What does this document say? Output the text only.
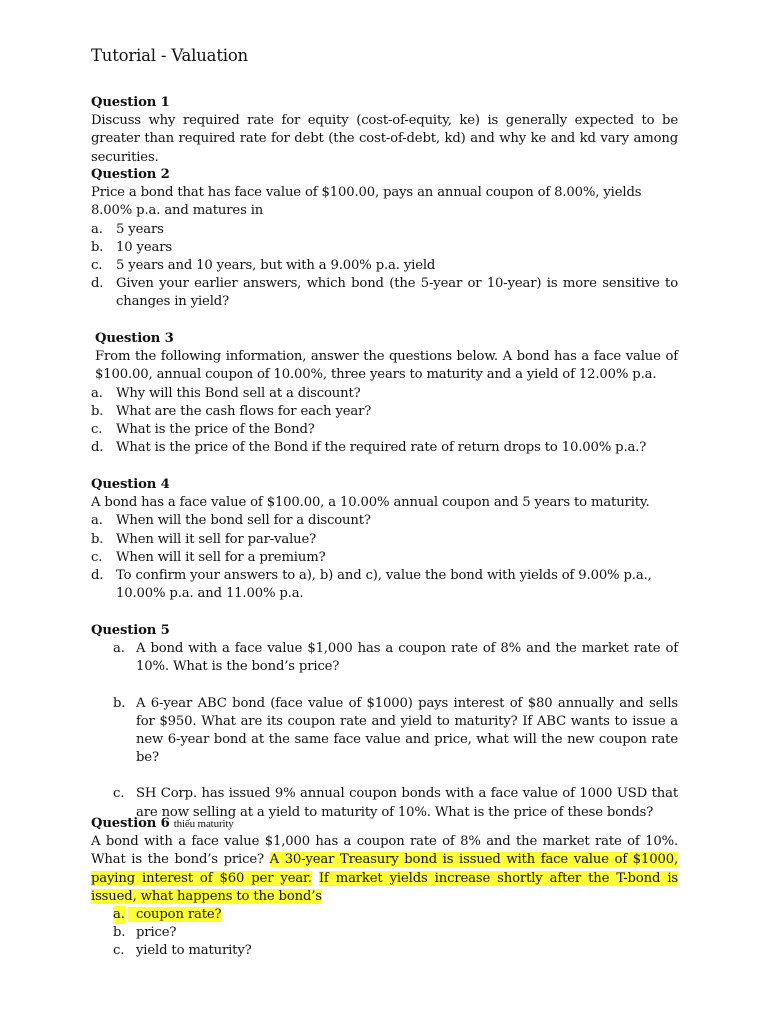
Tutorial - Valuation
Question 1
Discuss why required rate for equity (cost-of-equity, ke) is generally expected to be greater than required rate for debt (the cost-of-debt, kd) and why ke and kd vary among securities.
Question 2
Price a bond that has face value of $100.00, pays an annual coupon of 8.00%, yields 8.00% p.a. and matures in
a. 5 years
b. 10 years
c. 5 years and 10 years, but with a 9.00% p.a. yield
d. Given your earlier answers, which bond (the 5-year or 10-year) is more sensitive to changes in yield?
Question 3
From the following information, answer the questions below. A bond has a face value of $100.00, annual coupon of 10.00%, three years to maturity and a yield of 12.00% p.a.
a. Why will this Bond sell at a discount?
b. What are the cash flows for each year?
c. What is the price of the Bond?
d. What is the price of the Bond if the required rate of return drops to 10.00% p.a.?
Question 4
A bond has a face value of $100.00, a 10.00% annual coupon and 5 years to maturity.
a. When will the bond sell for a discount?
b. When will it sell for par-value?
c. When will it sell for a premium?
d. To confirm your answers to a), b) and c), value the bond with yields of 9.00% p.a., 10.00% p.a. and 11.00% p.a.
Question 5
a. A bond with a face value $1,000 has a coupon rate of 8% and the market rate of 10%. What is the bond’s price?
b. A 6-year ABC bond (face value of $1000) pays interest of $80 annually and sells for $950. What are its coupon rate and yield to maturity? If ABC wants to issue a new 6-year bond at the same face value and price, what will the new coupon rate be?
c. SH Corp. has issued 9% annual coupon bonds with a face value of 1000 USD that are now selling at a yield to maturity of 10%. What is the price of these bonds?
Question 6 thiếu maturity
A bond with a face value $1,000 has a coupon rate of 8% and the market rate of 10%. What is the bond’s price? A 30-year Treasury bond is issued with face value of $1000, paying interest of $60 per year. If market yields increase shortly after the T-bond is issued, what happens to the bond’s
a. coupon rate?
b. price?
c. yield to maturity?
